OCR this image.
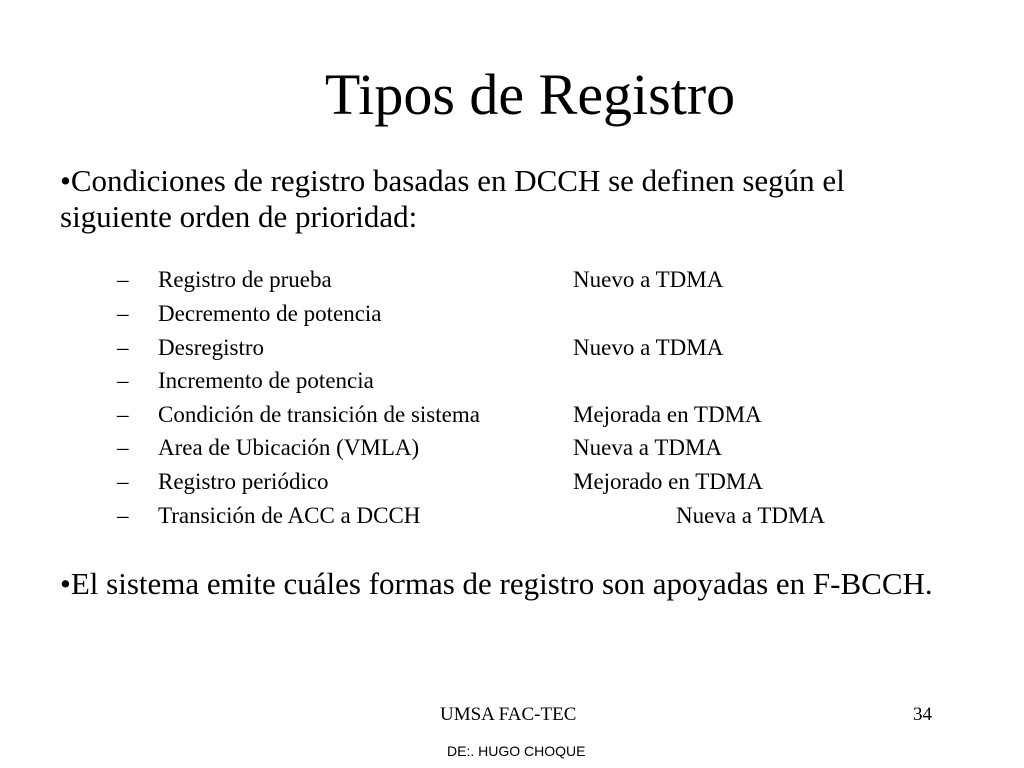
Tipos de Registro
•Condiciones de registro basadas en DCCH se definen según el siguiente orden de prioridad:
– Registro de prueba	Nuevo a TDMA
– Decremento de potencia
– Desregistro	Nuevo a TDMA
– Incremento de potencia
– Condición de transición de sistema	Mejorada en TDMA
– Area de Ubicación (VMLA)	Nueva a TDMA
– Registro periódico	Mejorado en TDMA
– Transición de ACC a DCCH	Nueva a TDMA
•El sistema emite cuáles formas de registro son apoyadas en F-BCCH.
UMSA FAC-TEC	34
DE:. HUGO CHOQUE
